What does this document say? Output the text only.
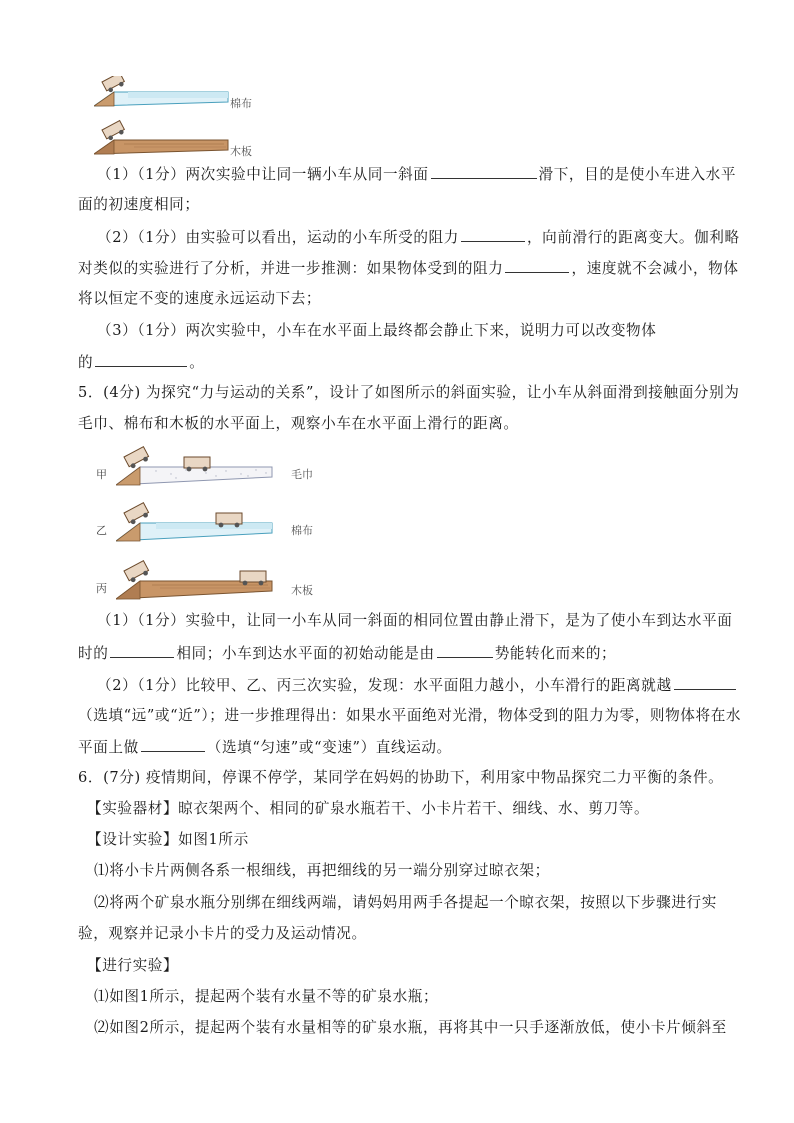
棉布
木板
（1）（1分）两次实验中让同一辆小车从同一斜面	滑下，目的是使小车进入水平
面的初速度相同；
（2）（1分）由实验可以看出，运动的小车所受的阻力	，向前滑行的距离变大。伽利略
对类似的实验进行了分析，并进一步推测：如果物体受到的阻力	，速度就不会减小，物体
将以恒定不变的速度永远运动下去；
（3）（1分）两次实验中，小车在水平面上最终都会静止下来，说明力可以改变物体
的	。
5．(4分) 为探究“力与运动的关系”，设计了如图所示的斜面实验，让小车从斜面滑到接触面分别为
毛巾、棉布和木板的水平面上，观察小车在水平面上滑行的距离。
甲
乙
丙
毛巾
棉布
木板
（1）（1分）实验中，让同一小车从同一斜面的相同位置由静止滑下，是为了使小车到达水平面
时的	相同；小车到达水平面的初始动能是由	势能转化而来的；
（2）（1分）比较甲、乙、丙三次实验，发现：水平面阻力越小，小车滑行的距离就越
（选填“远”或“近”）；进一步推理得出：如果水平面绝对光滑，物体受到的阻力为零，则物体将在水
平面上做	（选填“匀速”或“变速”）直线运动。
6．(7分) 疫情期间，停课不停学，某同学在妈妈的协助下，利用家中物品探究二力平衡的条件。
【实验器材】晾衣架两个、相同的矿泉水瓶若干、小卡片若干、细线、水、剪刀等。
【设计实验】如图1所示
⑴将小卡片两侧各系一根细线，再把细线的另一端分别穿过晾衣架；
⑵将两个矿泉水瓶分别绑在细线两端，请妈妈用两手各提起一个晾衣架，按照以下步骤进行实
验，观察并记录小卡片的受力及运动情况。
【进行实验】
⑴如图1所示，提起两个装有水量不等的矿泉水瓶；
⑵如图2所示，提起两个装有水量相等的矿泉水瓶，再将其中一只手逐渐放低，使小卡片倾斜至
